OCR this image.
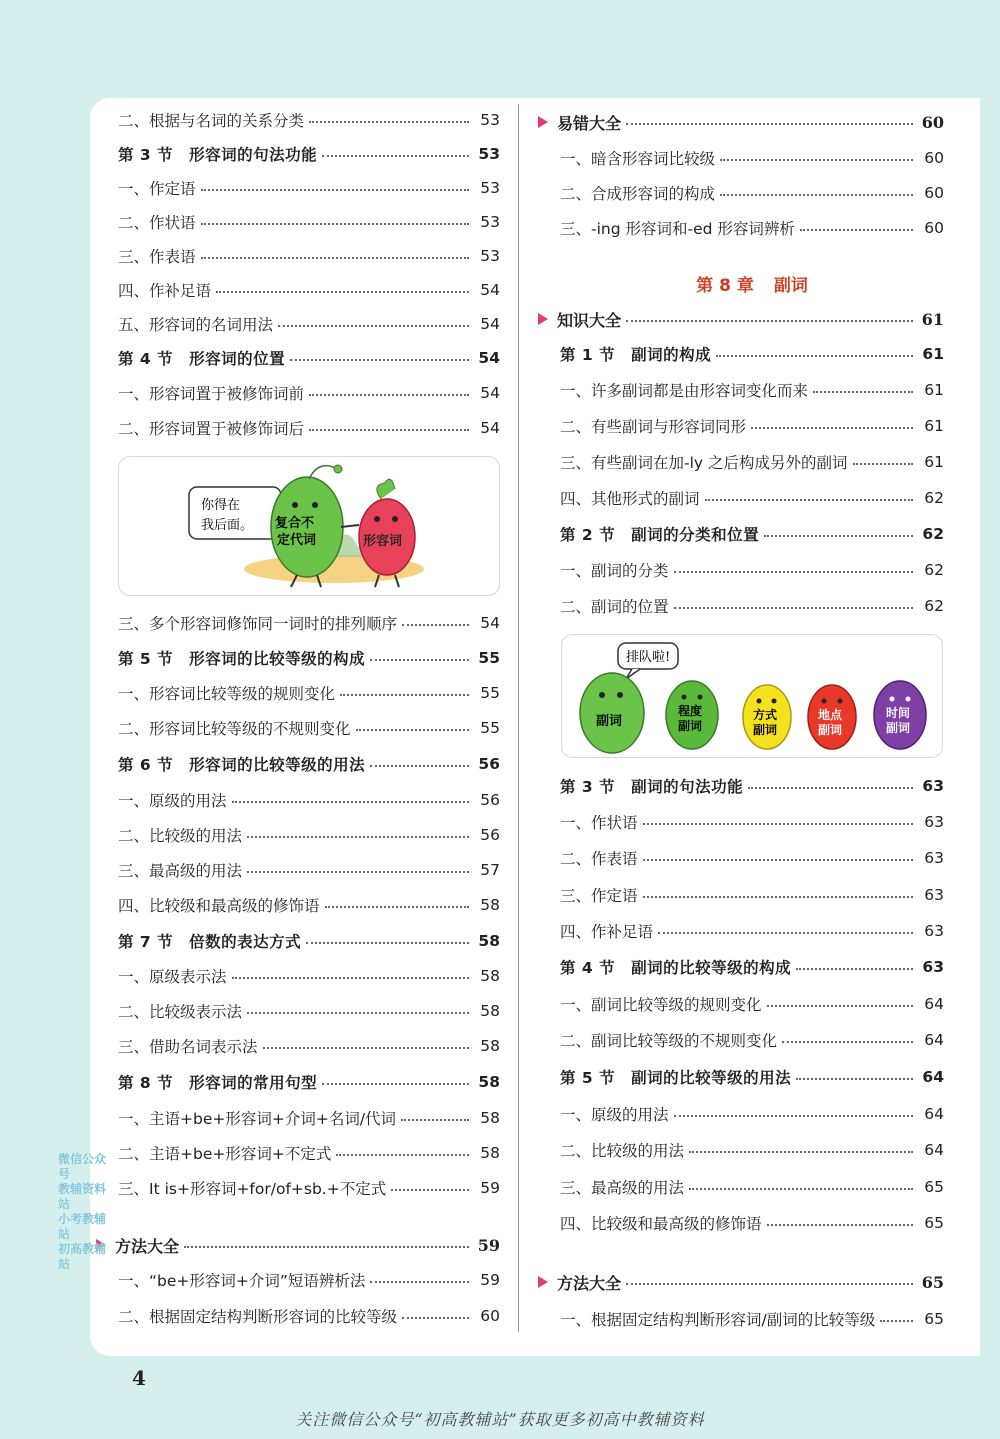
二、根据与名词的关系分类	53
第 3 节　形容词的句法功能	53
一、作定语	53
二、作状语	53
三、作表语	53
四、作补足语	54
五、形容词的名词用法	54
第 4 节　形容词的位置	54
一、形容词置于被修饰词前	54
二、形容词置于被修饰词后	54
三、多个形容词修饰同一词时的排列顺序	54
第 5 节　形容词的比较等级的构成	55
一、形容词比较等级的规则变化	55
二、形容词比较等级的不规则变化	55
第 6 节　形容词的比较等级的用法	56
一、原级的用法	56
二、比较级的用法	56
三、最高级的用法	57
四、比较级和最高级的修饰语	58
第 7 节　倍数的表达方式	58
一、原级表示法	58
二、比较级表示法	58
三、借助名词表示法	58
第 8 节　形容词的常用句型	58
一、主语+be+形容词+介词+名词/代词	58
二、主语+be+形容词+不定式	58
三、It is+形容词+for/of+sb.+不定式	59
方法大全	59
一、“be+形容词+介词”短语辨析法	59
二、根据固定结构判断形容词的比较等级	60
第 8 章 副词
易错大全	60
一、暗含形容词比较级	60
二、合成形容词的构成	60
三、-ing 形容词和-ed 形容词辨析	60
知识大全	61
第 1 节　副词的构成	61
一、许多副词都是由形容词变化而来	61
二、有些副词与形容词同形	61
三、有些副词在加-ly 之后构成另外的副词	61
四、其他形式的副词	62
第 2 节　副词的分类和位置	62
一、副词的分类	62
二、副词的位置	62
第 3 节　副词的句法功能	63
一、作状语	63
二、作表语	63
三、作定语	63
四、作补足语	63
第 4 节　副词的比较等级的构成	63
一、副词比较等级的规则变化	64
二、副词比较等级的不规则变化	64
第 5 节　副词的比较等级的用法	64
一、原级的用法	64
二、比较级的用法	64
三、最高级的用法	65
四、比较级和最高级的修饰语	65
方法大全	65
一、根据固定结构判断形容词/副词的比较等级	65
你得在
我后面。 复合不
定代词	形容词
排队啦!
副词
程度
副词
方式
副词
地点
副词
时间
副词
微信公众号
教辅资料站
小考教辅站
初高教辅站
4
关注微信公众号“初高教辅站”获取更多初高中教辅资料
